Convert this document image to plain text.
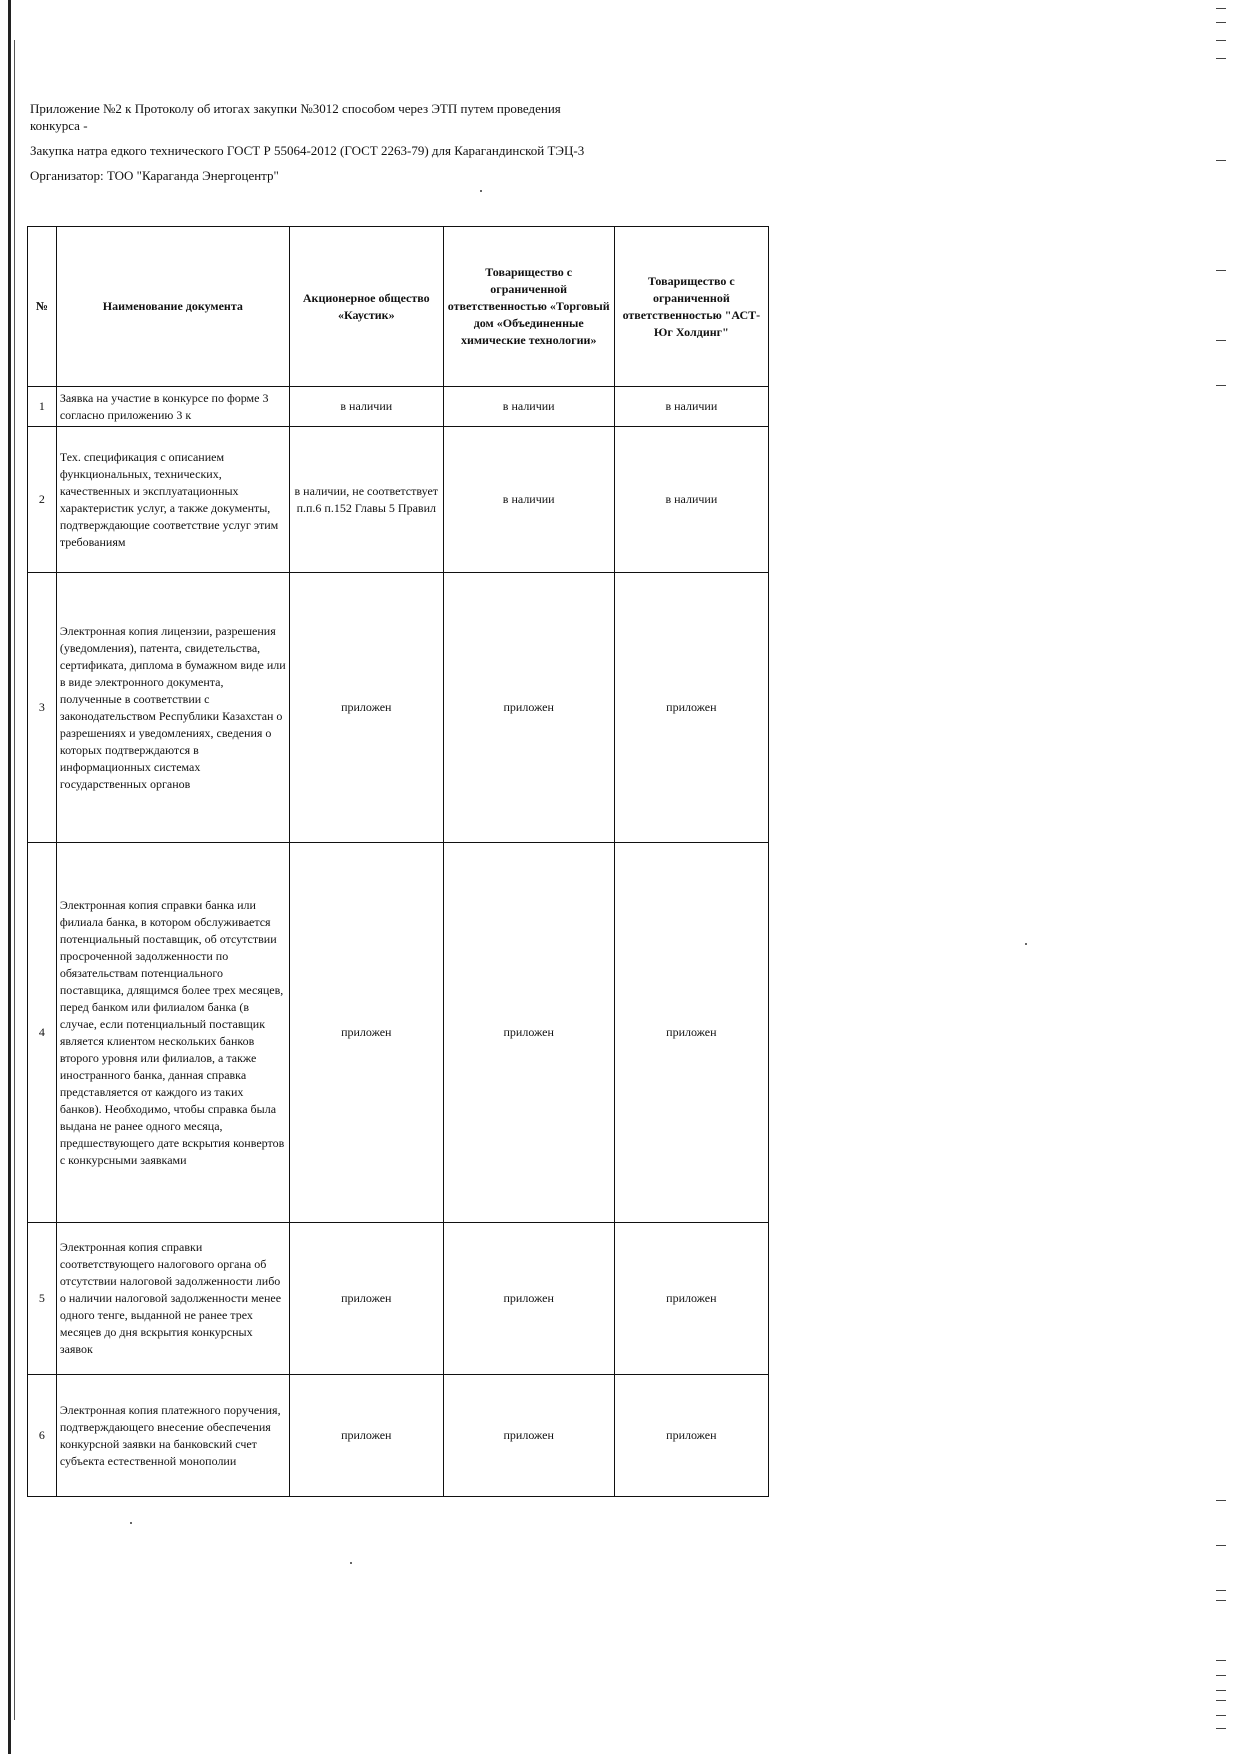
Приложение №2 к Протоколу об итогах закупки №3012 способом через ЭТП путем проведения конкурса -

Закупка натра едкого технического ГОСТ Р 55064-2012 (ГОСТ 2263-79) для Карагандинской ТЭЦ-3

Организатор: ТОО "Караганда Энергоцентр"

№	Наименование документа	Акционерное общество «Каустик»	Товарищество с ограниченной ответственностью «Торговый дом «Объединенные химические технологии»	Товарищество с ограниченной ответственностью "АСТ-Юг Холдинг"
1	Заявка на участие в конкурсе по форме 3 согласно приложению 3 к	в наличии	в наличии	в наличии
2	Тех. спецификация с описанием функциональных, технических, качественных и эксплуатационных характеристик услуг, а также документы, подтверждающие соответствие услуг этим требованиям	в наличии, не соответствует п.п.6 п.152 Главы 5 Правил	в наличии	в наличии
3	Электронная копия лицензии, разрешения (уведомления), патента, свидетельства, сертификата, диплома в бумажном виде или в виде электронного документа, полученные в соответствии с законодательством Республики Казахстан о разрешениях и уведомлениях, сведения о которых подтверждаются в информационных системах государственных органов	приложен	приложен	приложен
4	Электронная копия справки банка или филиала банка, в котором обслуживается потенциальный поставщик, об отсутствии просроченной задолженности по обязательствам потенциального поставщика, длящимся более трех месяцев, перед банком или филиалом банка (в случае, если потенциальный поставщик является клиентом нескольких банков второго уровня или филиалов, а также иностранного банка, данная справка представляется от каждого из таких банков). Необходимо, чтобы справка была выдана не ранее одного месяца, предшествующего дате вскрытия конвертов с конкурсными заявками	приложен	приложен	приложен
5	Электронная копия справки соответствующего налогового органа об отсутствии налоговой задолженности либо о наличии налоговой задолженности менее одного тенге, выданной не ранее трех месяцев до дня вскрытия конкурсных заявок	приложен	приложен	приложен
6	Электронная копия платежного поручения, подтверждающего внесение обеспечения конкурсной заявки на банковский счет субъекта естественной монополии	приложен	приложен	приложен
